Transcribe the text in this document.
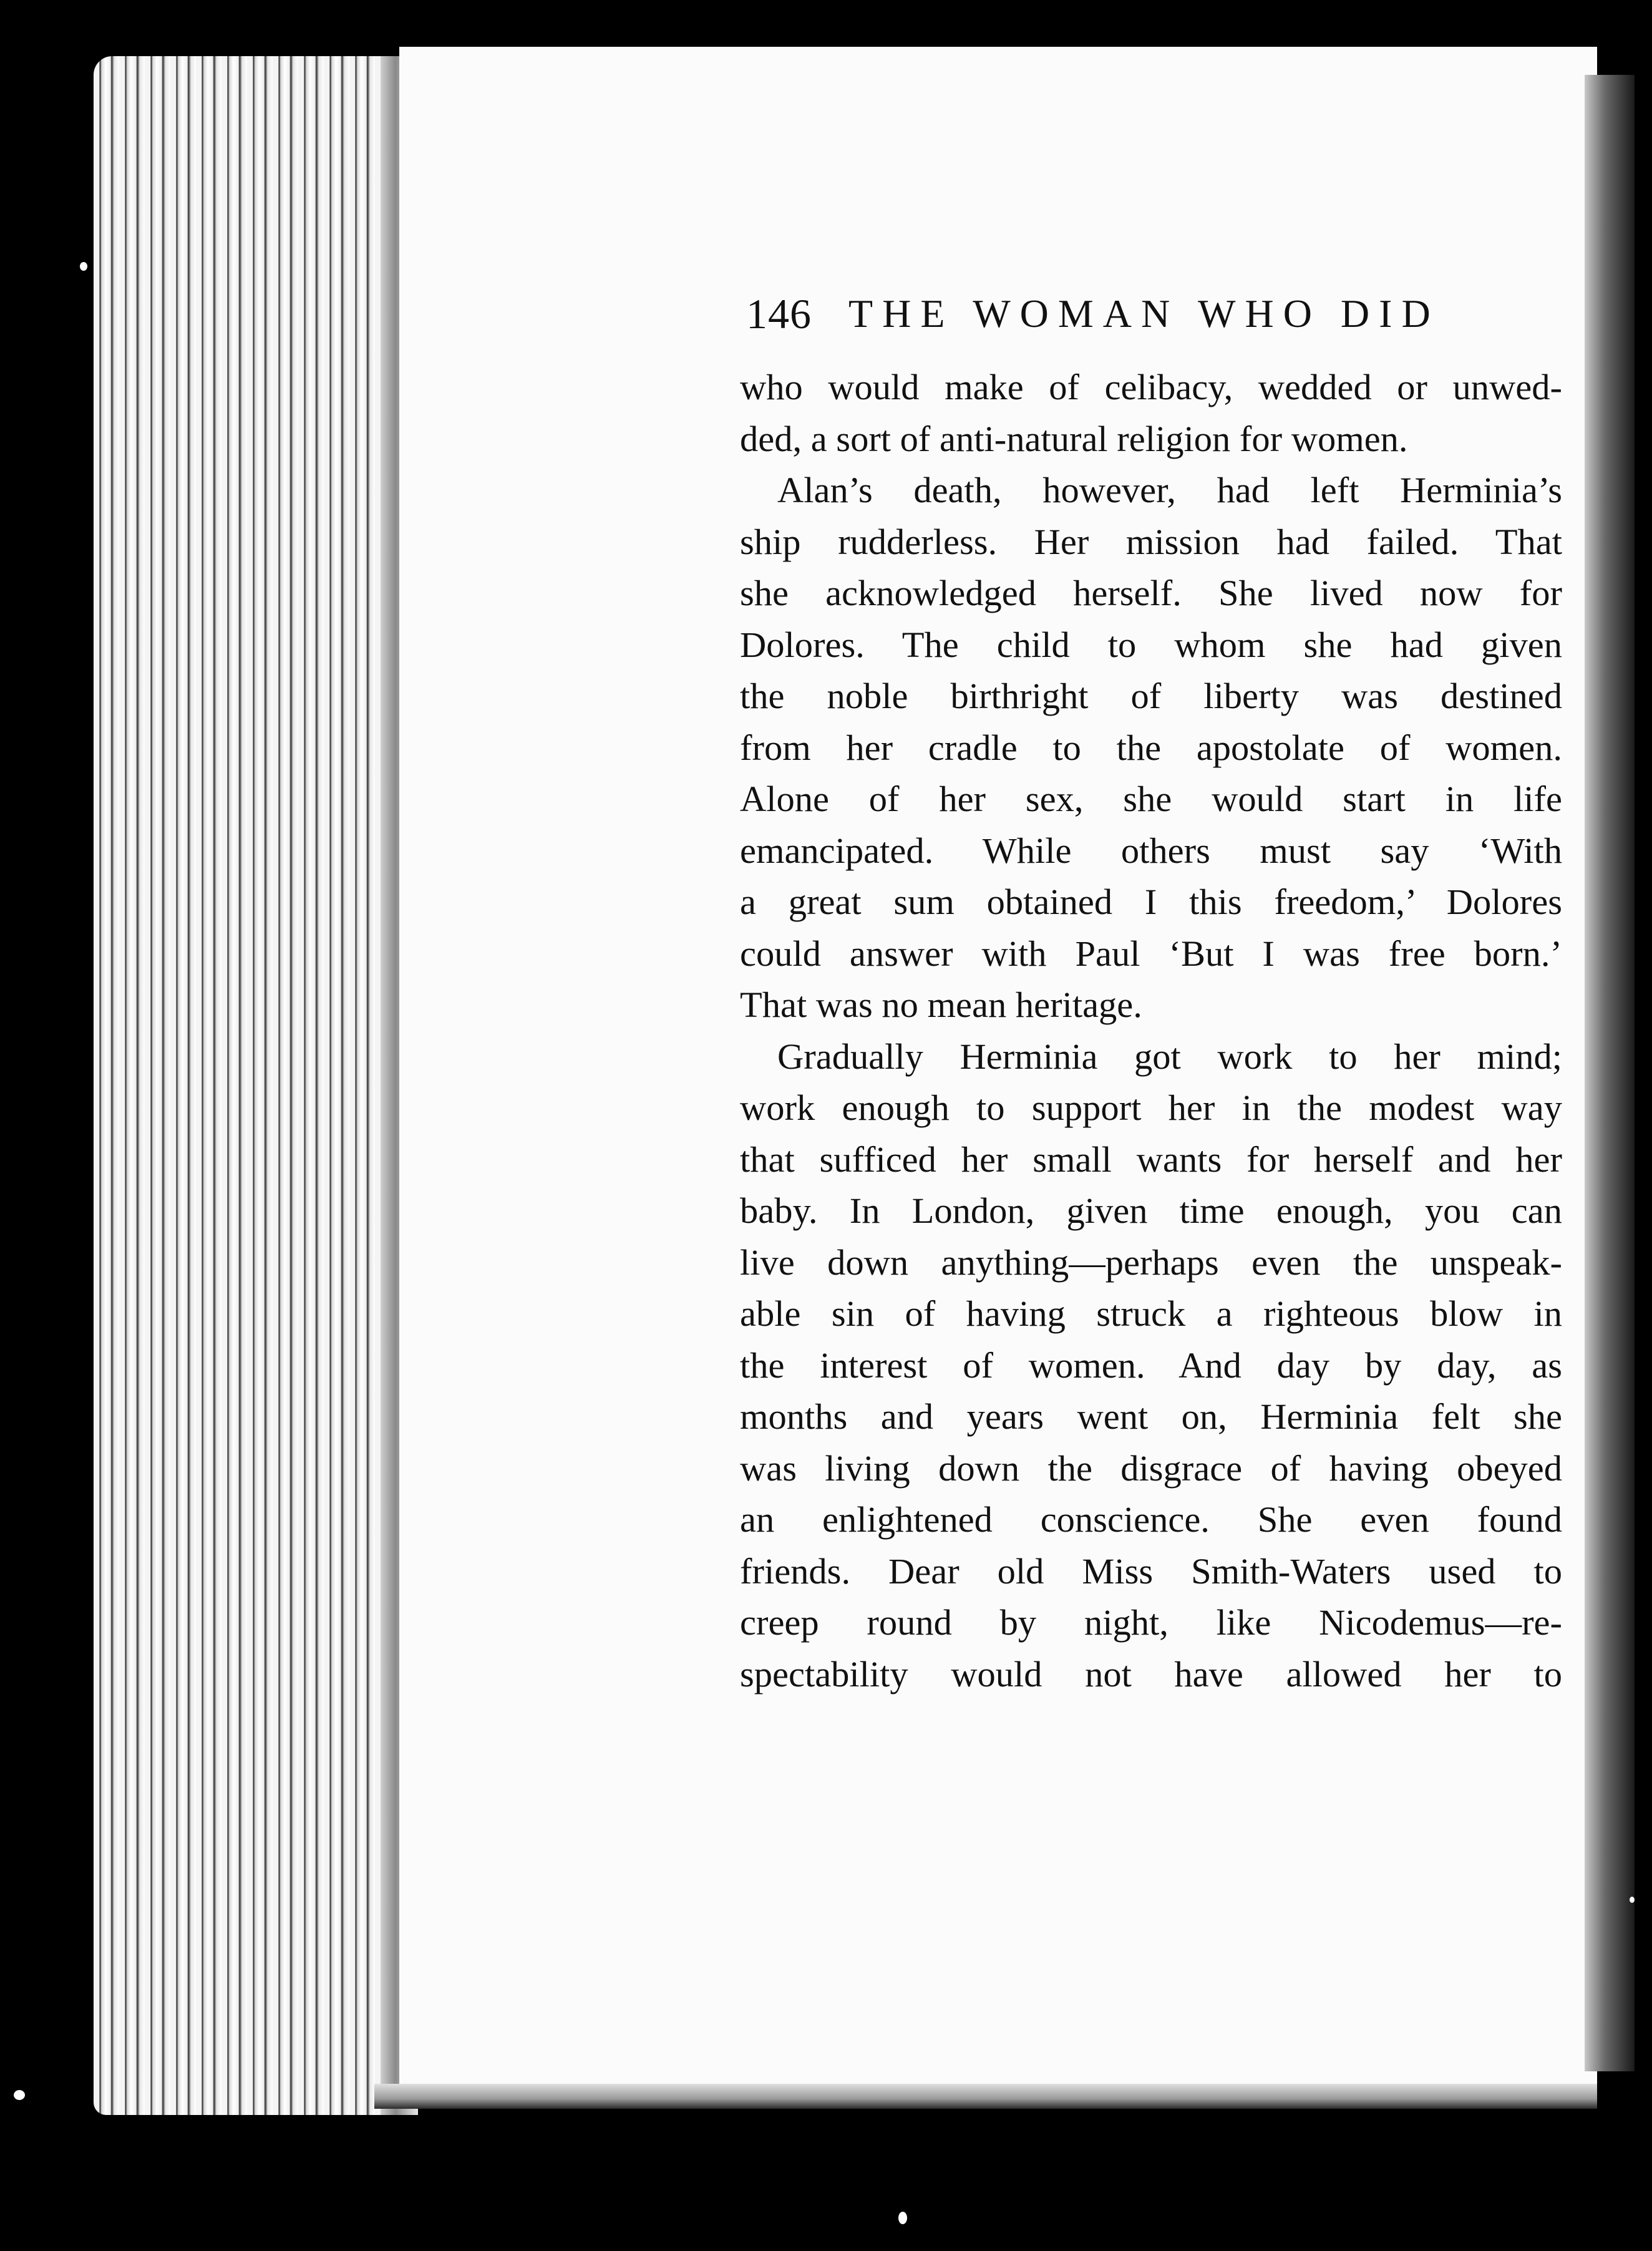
146 THE WOMAN WHO DID
who would make of celibacy, wedded or unwed-
ded, a sort of anti-natural religion for women.
Alan’s death, however, had left Herminia’s
ship rudderless. Her mission had failed. That
she acknowledged herself. She lived now for
Dolores. The child to whom she had given
the noble birthright of liberty was destined
from her cradle to the apostolate of women.
Alone of her sex, she would start in life
emancipated. While others must say ‘With
a great sum obtained I this freedom,’ Dolores
could answer with Paul ‘But I was free born.’
That was no mean heritage.
Gradually Herminia got work to her mind;
work enough to support her in the modest way
that sufficed her small wants for herself and her
baby. In London, given time enough, you can
live down anything—perhaps even the unspeak-
able sin of having struck a righteous blow in
the interest of women. And day by day, as
months and years went on, Herminia felt she
was living down the disgrace of having obeyed
an enlightened conscience. She even found
friends. Dear old Miss Smith-Waters used to
creep round by night, like Nicodemus—re-
spectability would not have allowed her to
